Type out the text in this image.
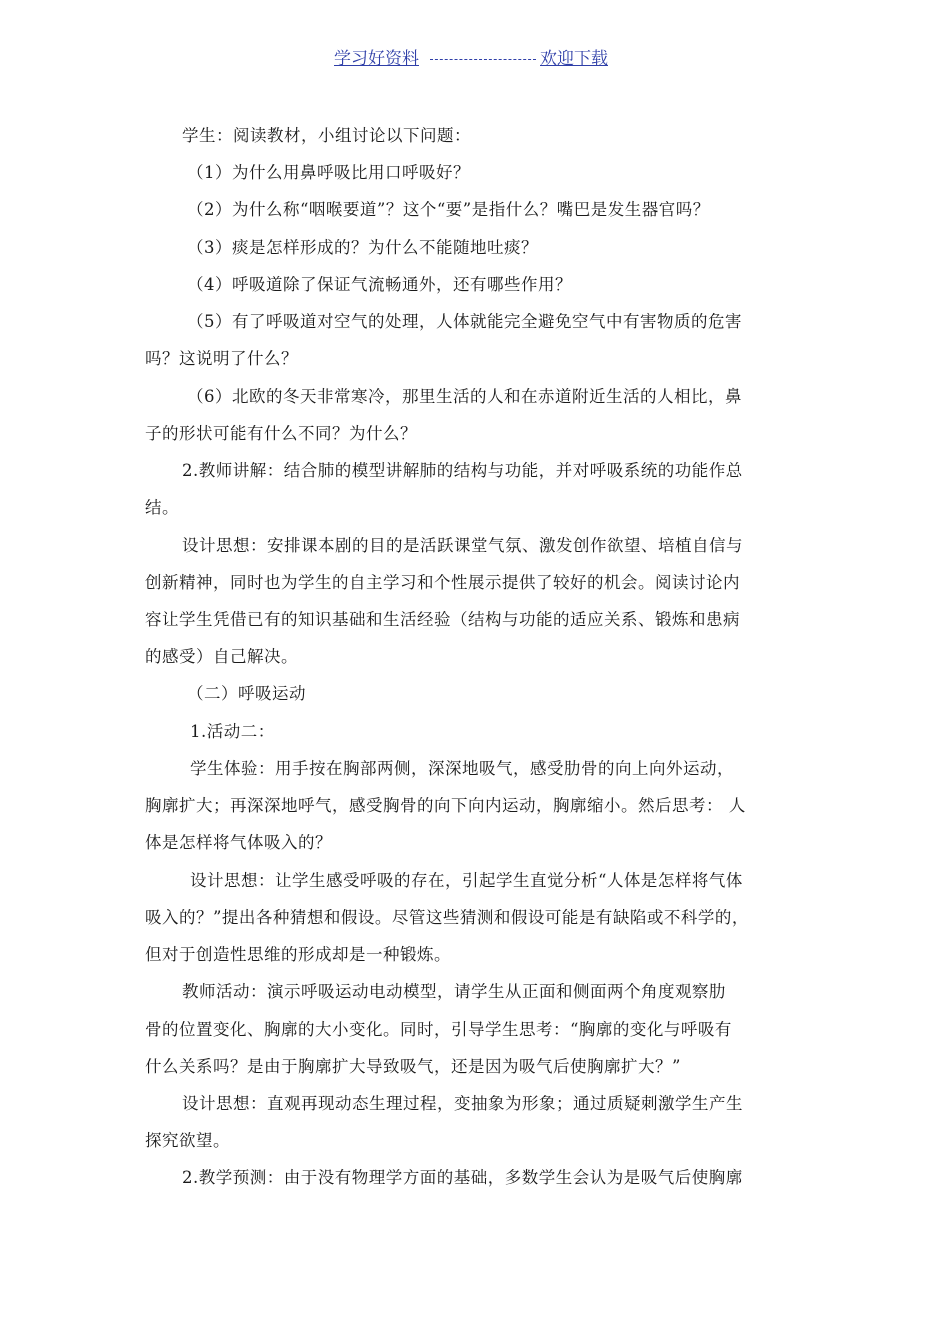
学习好资料	欢迎下载
学生：阅读教材，小组讨论以下问题：
（1）为什么用鼻呼吸比用口呼吸好？
（2）为什么称“咽喉要道”？这个“要”是指什么？嘴巴是发生器官吗？
（3）痰是怎样形成的？为什么不能随地吐痰？
（4）呼吸道除了保证气流畅通外，还有哪些作用？
（5）有了呼吸道对空气的处理，人体就能完全避免空气中有害物质的危害
吗？这说明了什么？
（6）北欧的冬天非常寒冷，那里生活的人和在赤道附近生活的人相比，鼻
子的形状可能有什么不同？为什么？
2.教师讲解：结合肺的模型讲解肺的结构与功能，并对呼吸系统的功能作总
结。
设计思想：安排课本剧的目的是活跃课堂气氛、激发创作欲望、培植自信与
创新精神，同时也为学生的自主学习和个性展示提供了较好的机会。阅读讨论内
容让学生凭借已有的知识基础和生活经验（结构与功能的适应关系、锻炼和患病
的感受）自己解决。
（二）呼吸运动
1.活动二：
学生体验：用手按在胸部两侧，深深地吸气，感受肋骨的向上向外运动，
胸廓扩大；再深深地呼气，感受胸骨的向下向内运动，胸廓缩小。然后思考： 人
体是怎样将气体吸入的？
设计思想：让学生感受呼吸的存在，引起学生直觉分析“人体是怎样将气体
吸入的？”提出各种猜想和假设。尽管这些猜测和假设可能是有缺陷或不科学的，
但对于创造性思维的形成却是一种锻炼。
教师活动：演示呼吸运动电动模型，请学生从正面和侧面两个角度观察肋
骨的位置变化、胸廓的大小变化。同时，引导学生思考：“胸廓的变化与呼吸有
什么关系吗？是由于胸廓扩大导致吸气，还是因为吸气后使胸廓扩大？”
设计思想：直观再现动态生理过程，变抽象为形象；通过质疑刺激学生产生
探究欲望。
2.教学预测：由于没有物理学方面的基础，多数学生会认为是吸气后使胸廓
